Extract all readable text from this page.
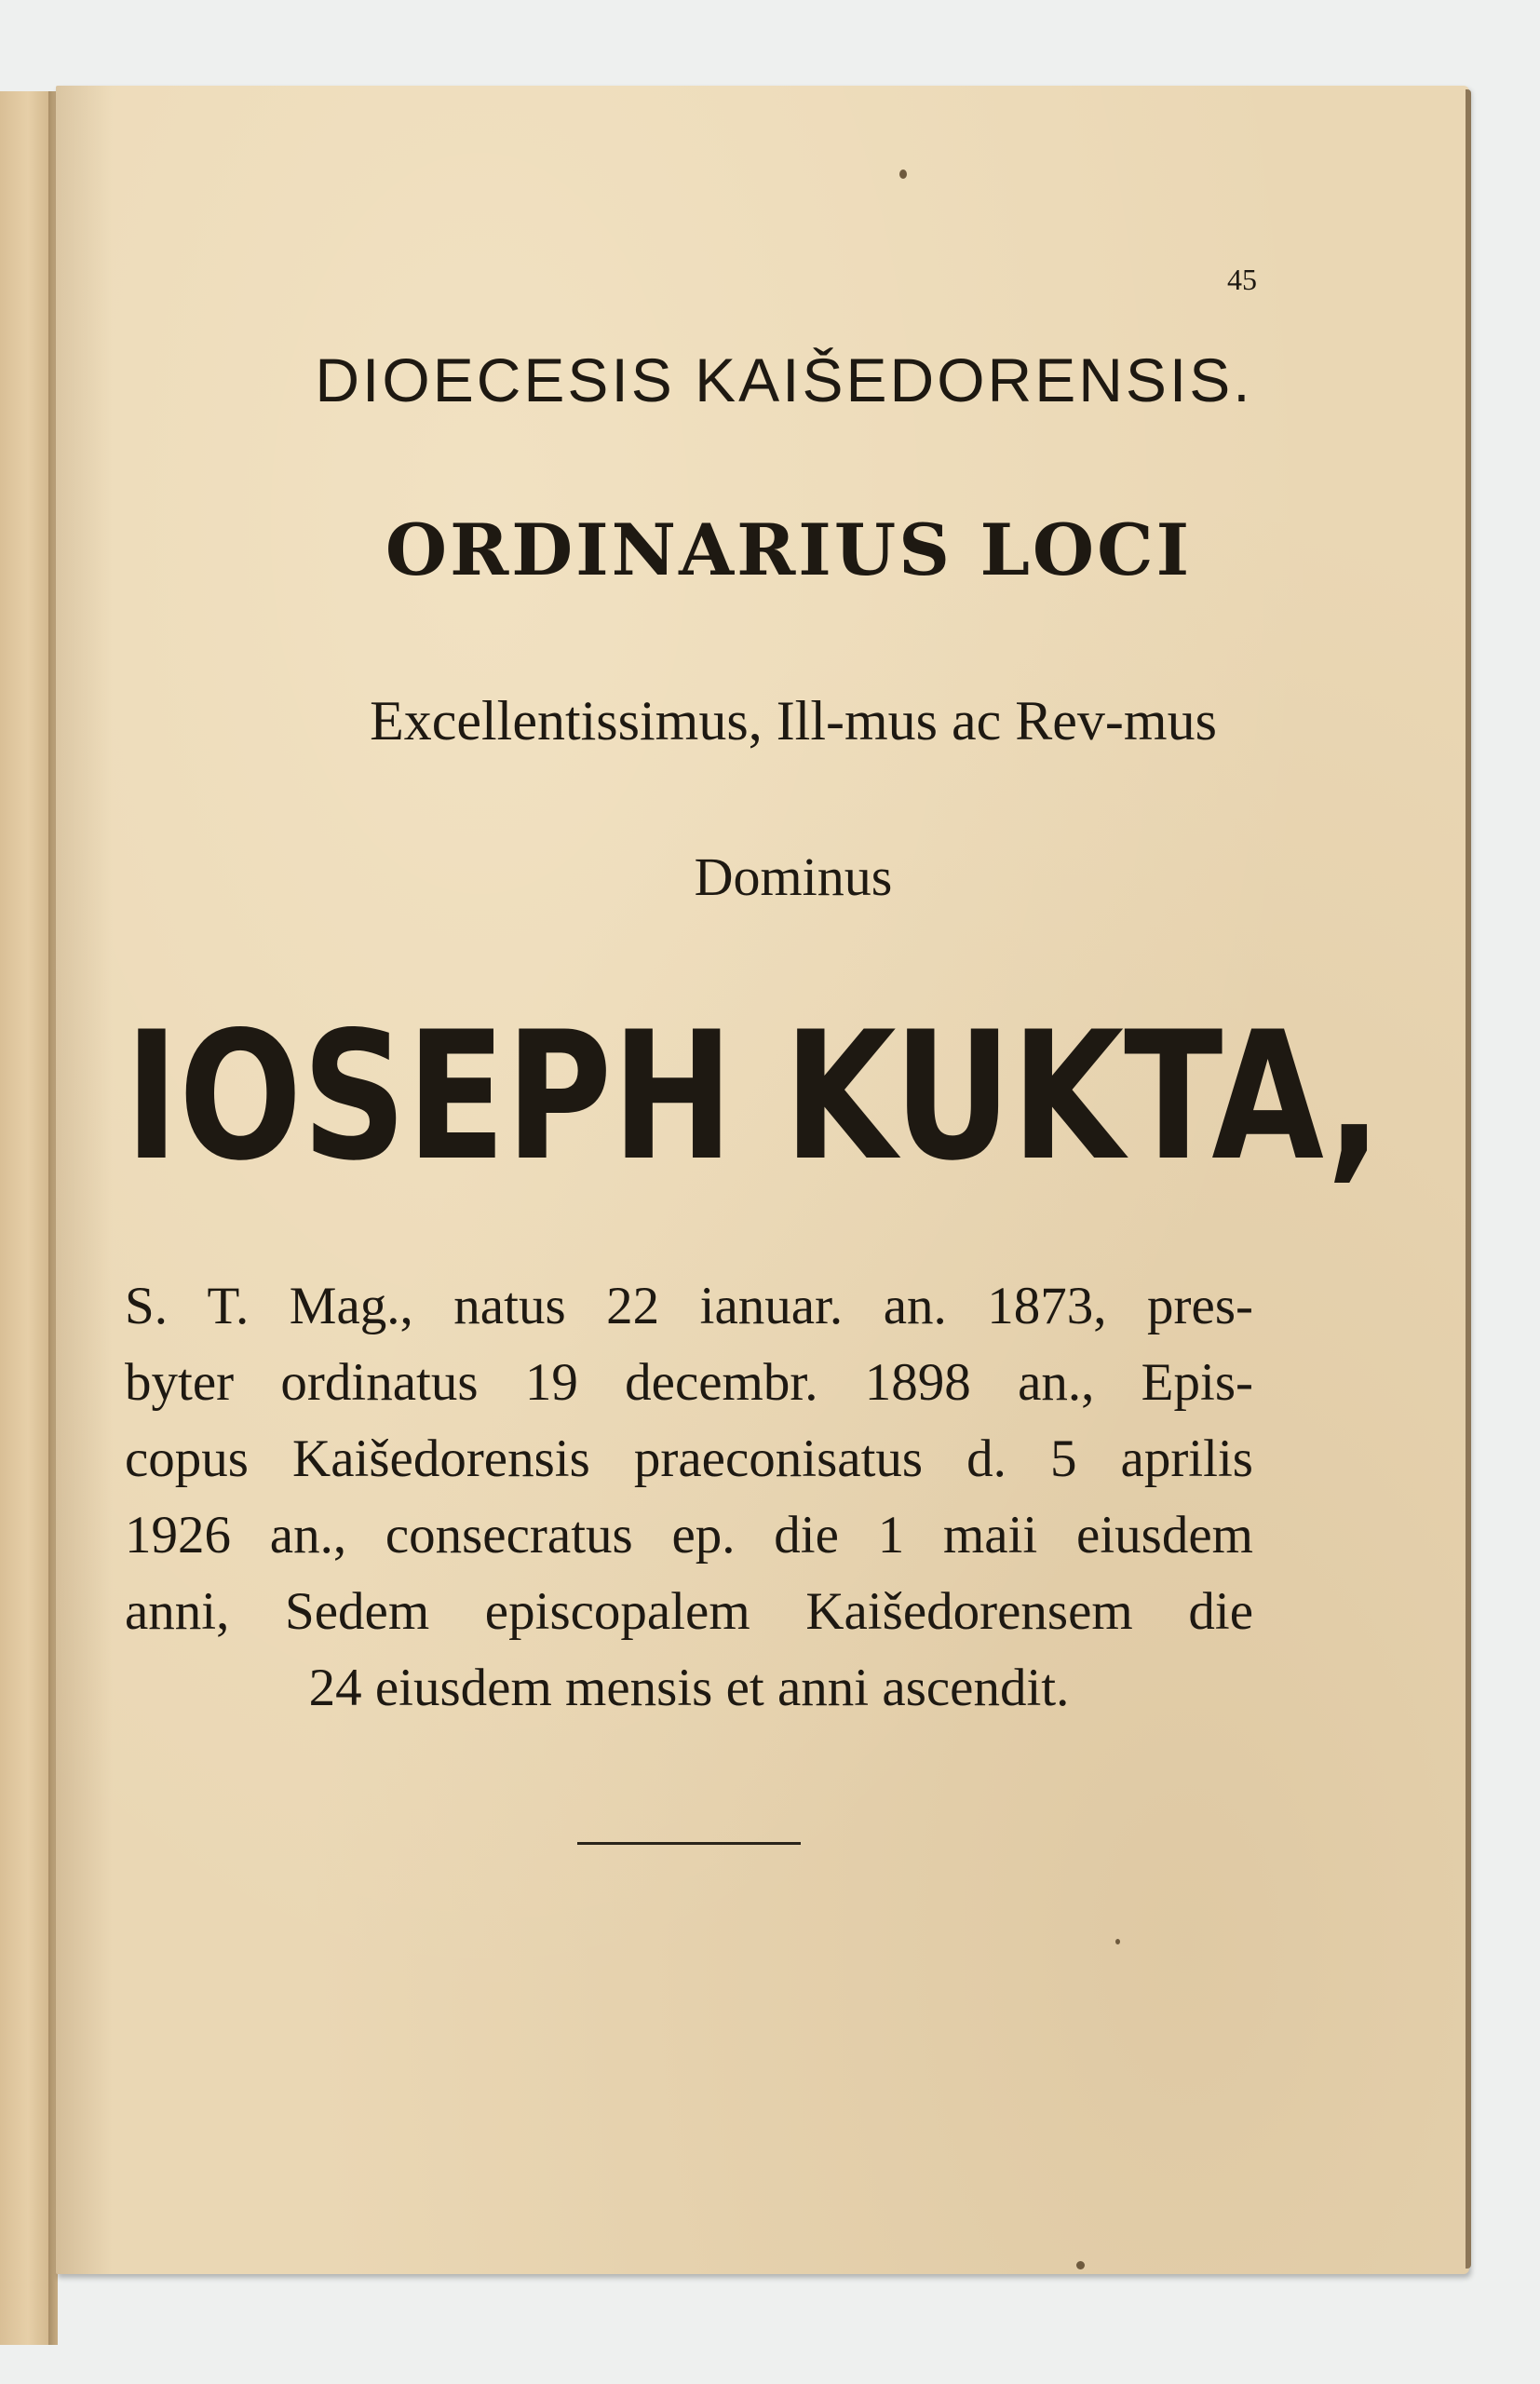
45
DIOECESIS KAIŠEDORENSIS.
ORDINARIUS LOCI
Excellentissimus, Ill-mus ac Rev-mus
Dominus
IOSEPH KUKTA,
S. T. Mag., natus 22 ianuar. an. 1873, pres-
byter ordinatus 19 decembr. 1898 an., Epis-
copus Kaišedorensis praeconisatus d. 5 aprilis
1926 an., consecratus ep. die 1 maii eiusdem
anni, Sedem episcopalem Kaišedorensem die
24 eiusdem mensis et anni ascendit.
